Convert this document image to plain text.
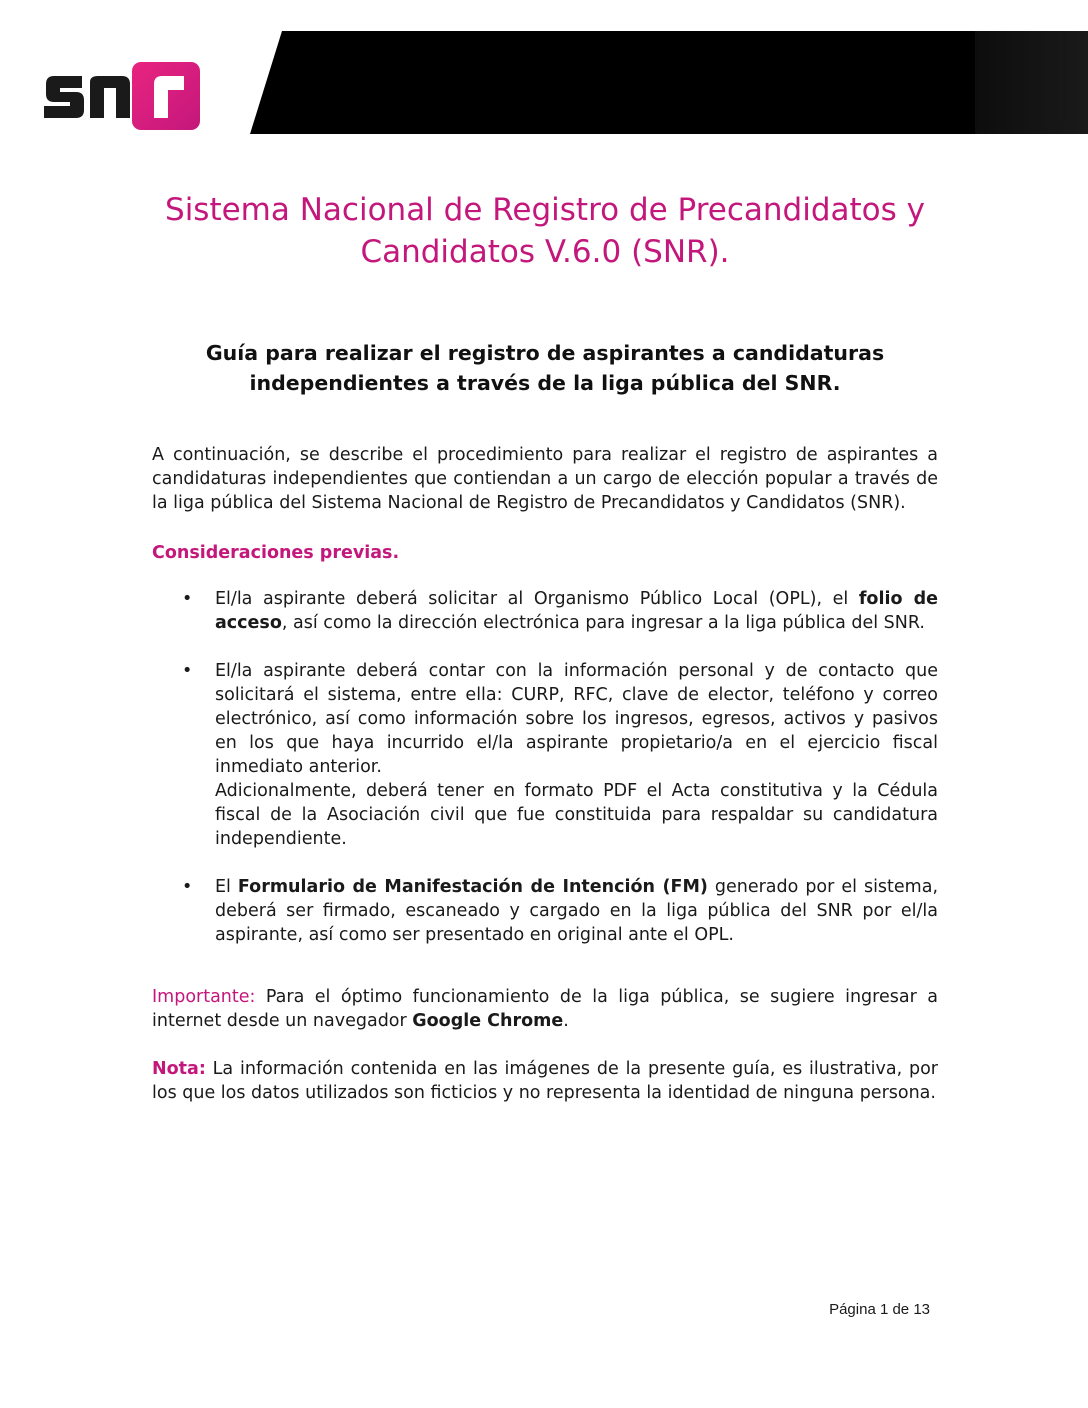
Sistema Nacional de Registro de Precandidatos y
Candidatos V.6.0 (SNR).
Guía para realizar el registro de aspirantes a candidaturas
independientes a través de la liga pública del SNR.

A continuación, se describe el procedimiento para realizar el registro de aspirantes a candidaturas independientes que contiendan a un cargo de elección popular a través de la liga pública del Sistema Nacional de Registro de Precandidatos y Candidatos (SNR).

Consideraciones previas.
• El/la aspirante deberá solicitar al Organismo Público Local (OPL), el folio de acceso, así como la dirección electrónica para ingresar a la liga pública del SNR.
• El/la aspirante deberá contar con la información personal y de contacto que solicitará el sistema, entre ella: CURP, RFC, clave de elector, teléfono y correo electrónico, así como información sobre los ingresos, egresos, activos y pasivos en los que haya incurrido el/la aspirante propietario/a en el ejercicio fiscal inmediato anterior.
Adicionalmente, deberá tener en formato PDF el Acta constitutiva y la Cédula fiscal de la Asociación civil que fue constituida para respaldar su candidatura independiente.
• El Formulario de Manifestación de Intención (FM) generado por el sistema, deberá ser firmado, escaneado y cargado en la liga pública del SNR por el/la aspirante, así como ser presentado en original ante el OPL.

Importante: Para el óptimo funcionamiento de la liga pública, se sugiere ingresar a internet desde un navegador Google Chrome.

Nota: La información contenida en las imágenes de la presente guía, es ilustrativa, por los que los datos utilizados son ficticios y no representa la identidad de ninguna persona.

Página 1 de 13
